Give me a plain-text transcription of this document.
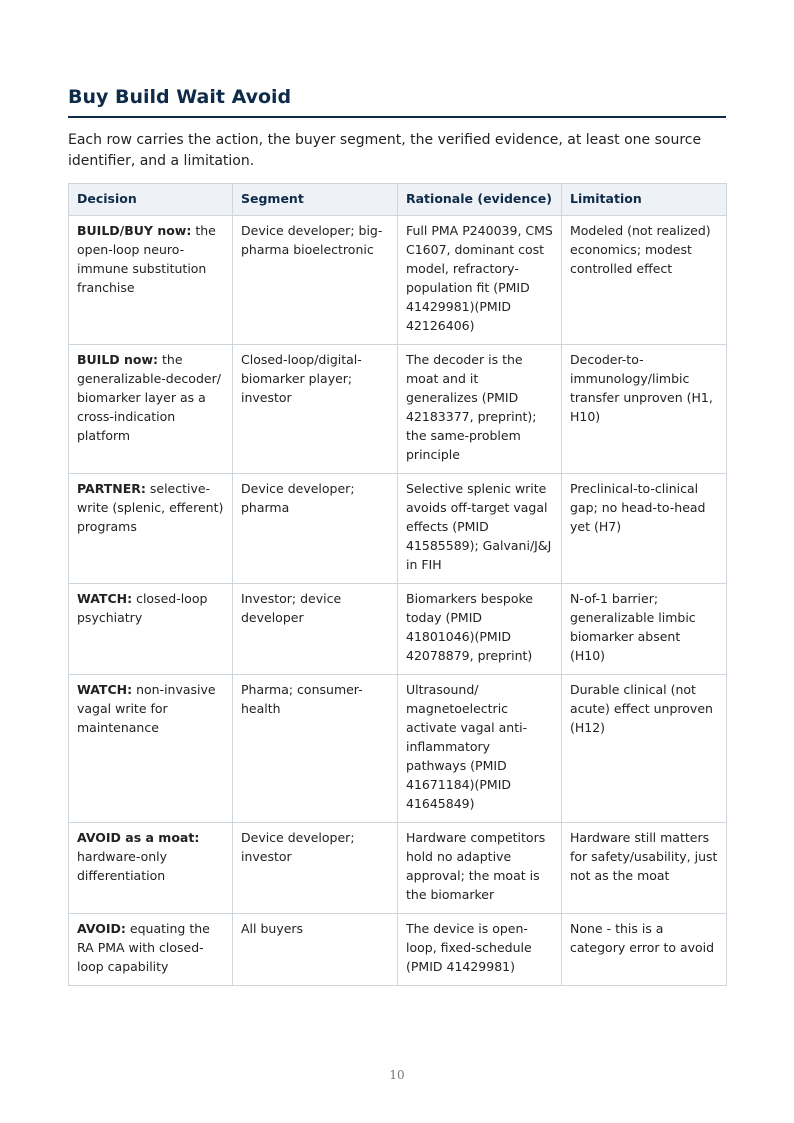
Buy Build Wait Avoid

Each row carries the action, the buyer segment, the verified evidence, at least one source identifier, and a limitation.

Decision	Segment	Rationale (evidence)	Limitation
BUILD/BUY now: the open-loop neuro-immune substitution franchise	Device developer; big-pharma bioelectronic	Full PMA P240039, CMS C1607, dominant cost model, refractory-population fit (PMID 41429981)(PMID 42126406)	Modeled (not realized) economics; modest controlled effect
BUILD now: the generalizable-decoder/ biomarker layer as a cross-indication platform	Closed-loop/digital-biomarker player; investor	The decoder is the moat and it generalizes (PMID 42183377, preprint); the same-problem principle	Decoder-to-immunology/limbic transfer unproven (H1, H10)
PARTNER: selective-write (splenic, efferent) programs	Device developer; pharma	Selective splenic write avoids off-target vagal effects (PMID 41585589); Galvani/J&J in FIH	Preclinical-to-clinical gap; no head-to-head yet (H7)
WATCH: closed-loop psychiatry	Investor; device developer	Biomarkers bespoke today (PMID 41801046)(PMID 42078879, preprint)	N-of-1 barrier; generalizable limbic biomarker absent (H10)
WATCH: non-invasive vagal write for maintenance	Pharma; consumer-health	Ultrasound/ magnetoelectric activate vagal anti-inflammatory pathways (PMID 41671184)(PMID 41645849)	Durable clinical (not acute) effect unproven (H12)
AVOID as a moat: hardware-only differentiation	Device developer; investor	Hardware competitors hold no adaptive approval; the moat is the biomarker	Hardware still matters for safety/usability, just not as the moat
AVOID: equating the RA PMA with closed-loop capability	All buyers	The device is open-loop, fixed-schedule (PMID 41429981)	None - this is a category error to avoid
10
